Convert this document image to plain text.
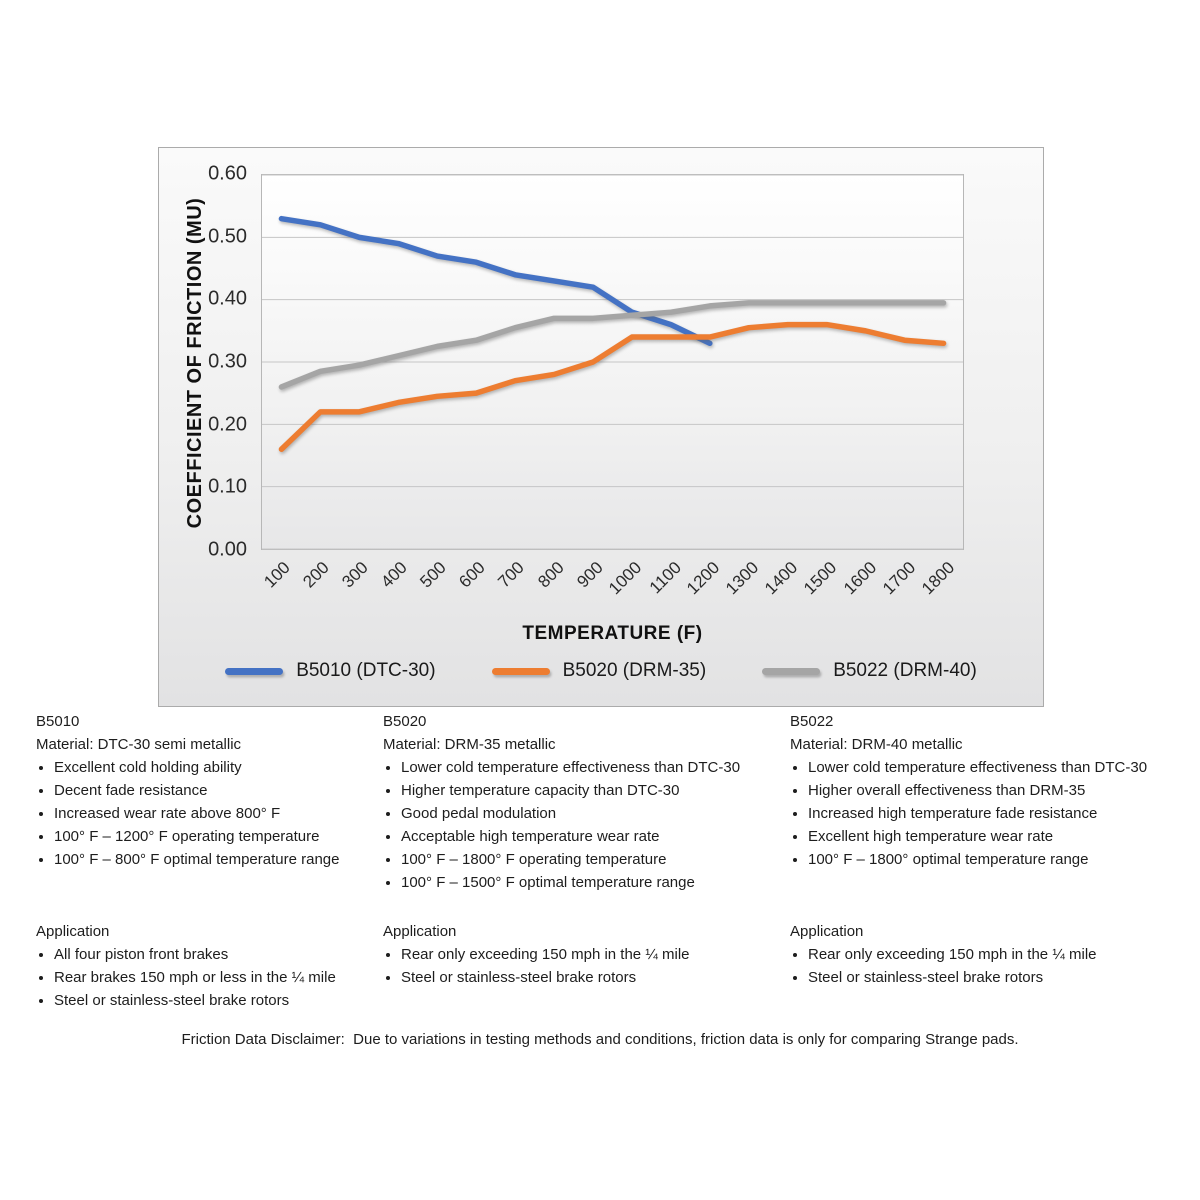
COEFFICIENT OF FRICTION (MU)
0.60
0.50
0.40
0.30
0.20
0.10
0.00
100 200 300 400 500 600 700 800 900
1000 1100
1200
1300
1400
1500
1600
1700
1800
TEMPERATURE (F)
B5010 (DTC-30)	B5020 (DRM-35)	B5022 (DRM-40)
B5010
Material: DTC-30 semi metallic
• Excellent cold holding ability
• Decent fade resistance
• Increased wear rate above 800° F
• 100° F – 1200° F operating temperature
• 100° F – 800° F optimal temperature range
Application
• All four piston front brakes
• Rear brakes 150 mph or less in the ¼ mile
• Steel or stainless-steel brake rotors
B5020
Material: DRM-35 metallic
• Lower cold temperature effectiveness than DTC-30
• Higher temperature capacity than DTC-30
• Good pedal modulation
• Acceptable high temperature wear rate
• 100° F – 1800° F operating temperature
• 100° F – 1500° F optimal temperature range
Application
• Rear only exceeding 150 mph in the ¼ mile
• Steel or stainless-steel brake rotors
B5022
Material: DRM-40 metallic
• Lower cold temperature effectiveness than DTC-30
• Higher overall effectiveness than DRM-35
• Increased high temperature fade resistance
• Excellent high temperature wear rate
• 100° F – 1800° optimal temperature range
Application
• Rear only exceeding 150 mph in the ¼ mile
• Steel or stainless-steel brake rotors
Friction Data Disclaimer:  Due to variations in testing methods and conditions, friction data is only for comparing Strange pads.
